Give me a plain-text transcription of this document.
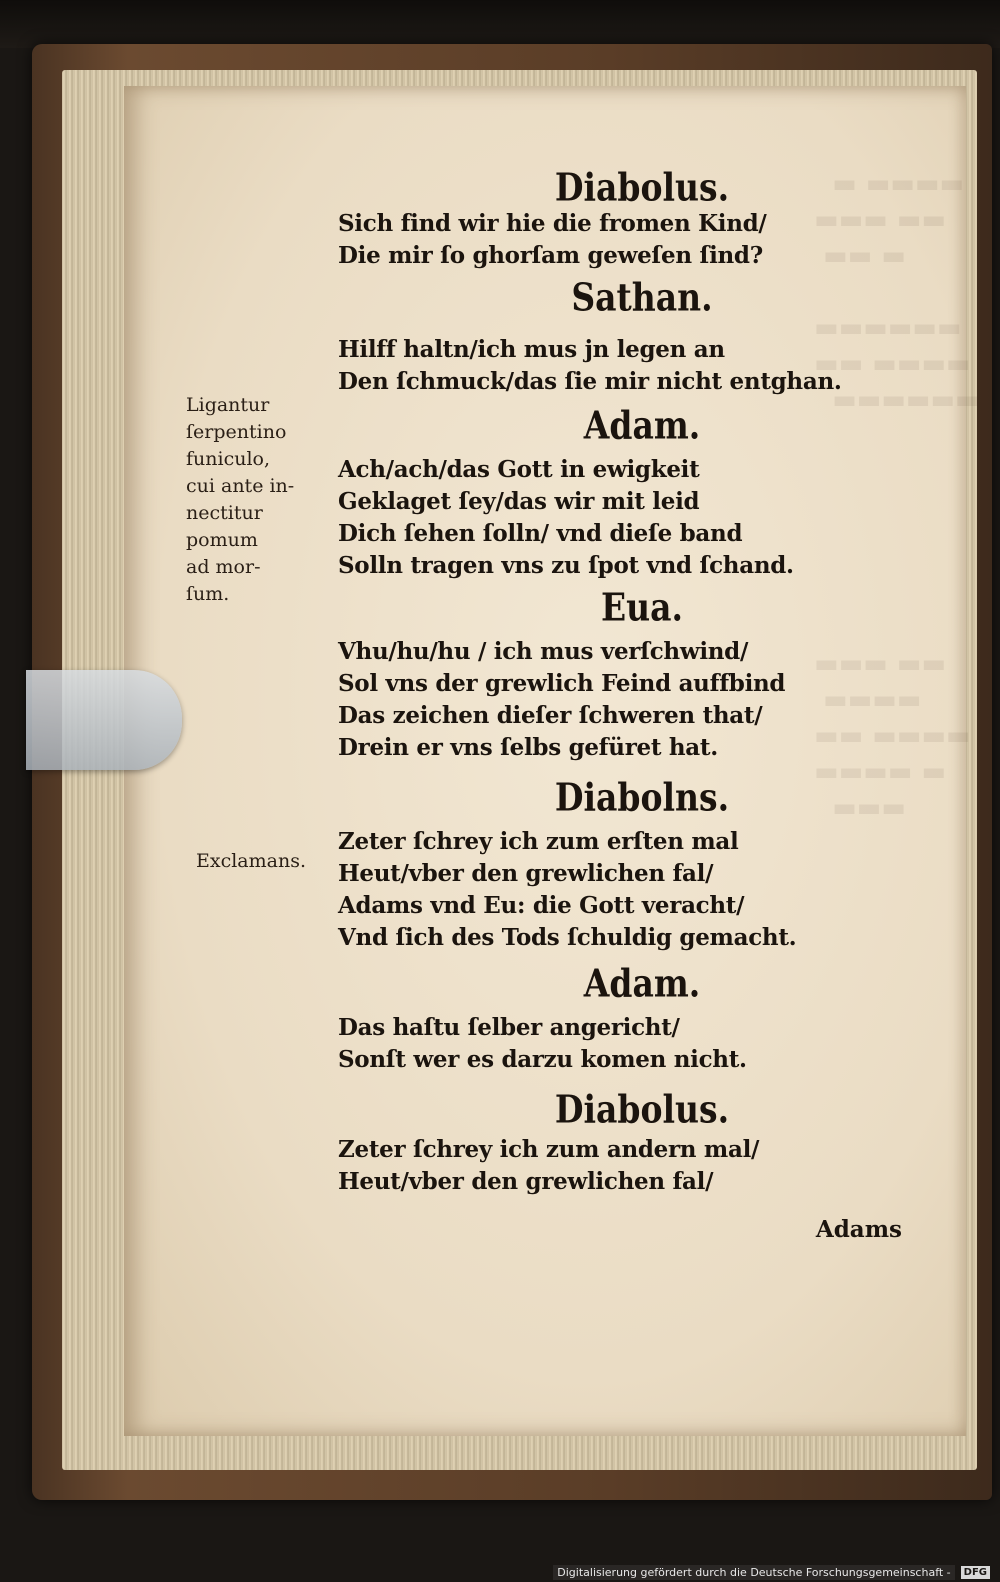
▬ ▬▬▬▬
▬▬▬ ▬▬
▬▬ ▬

▬▬▬▬▬▬
▬▬ ▬▬▬▬
▬▬▬▬▬▬
▬▬▬ ▬▬
▬▬▬▬
▬▬ ▬▬▬▬
▬▬▬▬ ▬
▬▬▬

Ligantur

ſerpentino

funiculo,

cui ante in-

nectitur

pomum

ad mor-

ſum.

Exclamans.

Diabolus.

Sich find wir hie die fromen Kind/

Die mir ſo ghorſam geweſen ſind?

Sathan.

Hilff haltn/ich mus jn legen an

Den ſchmuck/das ſie mir nicht entghan.

Adam.

Ach/ach/das Gott in ewigkeit

Geklaget ſey/das wir mit leid

Dich ſehen ſolln/ vnd dieſe band

Solln tragen vns zu ſpot vnd ſchand.

Eua.

Vhu/hu/hu / ich mus verſchwind/

Sol vns der grewlich Feind auffbind

Das zeichen dieſer ſchweren that/

Drein er vns ſelbs gefüret hat.

Diabolns.

Zeter ſchrey ich zum erſten mal

Heut/vber den grewlichen fal/

Adams vnd Eu: die Gott veracht/

Vnd ſich des Tods ſchuldig gemacht.

Adam.

Das haſtu ſelber angericht/

Sonſt wer es darzu komen nicht.

Diabolus.

Zeter ſchrey ich zum andern mal/

Heut/vber den grewlichen fal/

Adams

Digitalisierung gefördert durch die Deutsche Forschungsgemeinschaft -	DFG
